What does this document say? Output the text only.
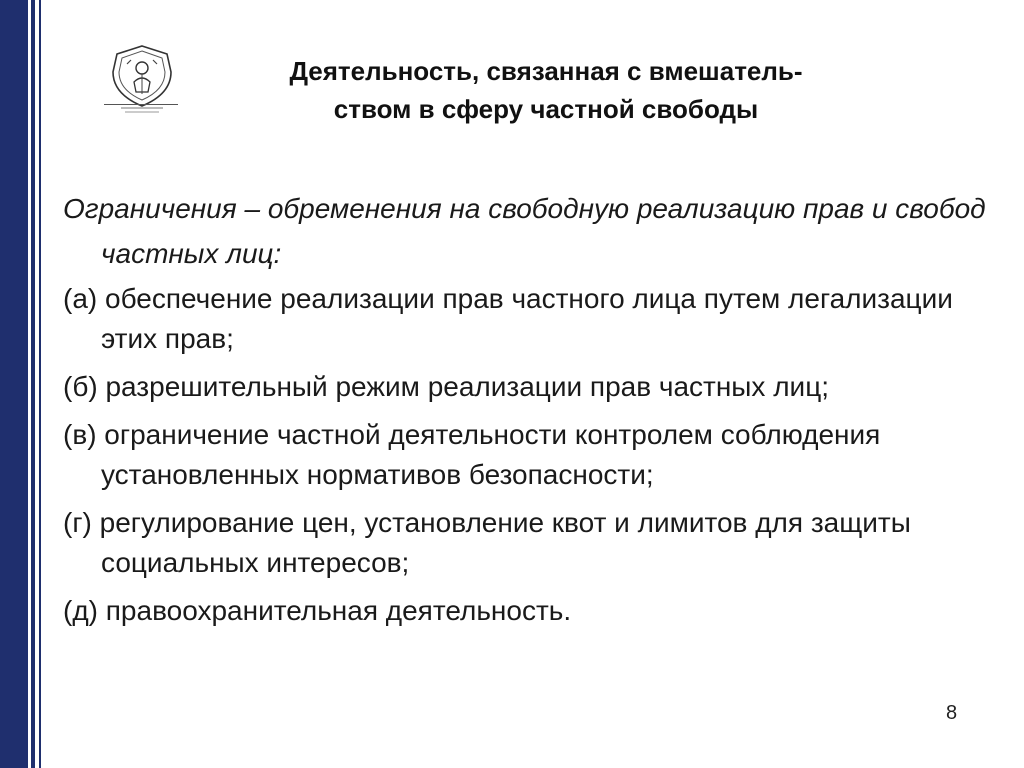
Деятельность, связанная с вмешатель-
ством в сферу частной свободы

Ограничения – обременения на свободную реализацию прав и свобод частных лиц:

(а) обеспечение реализации прав частного лица путем легализации этих прав;

(б) разрешительный режим реализации прав частных лиц;

(в) ограничение частной деятельности контролем соблюдения установленных нормативов безопасности;

(г) регулирование цен, установление квот и лимитов для защиты социальных интересов;

(д) правоохранительная деятельность.

8
